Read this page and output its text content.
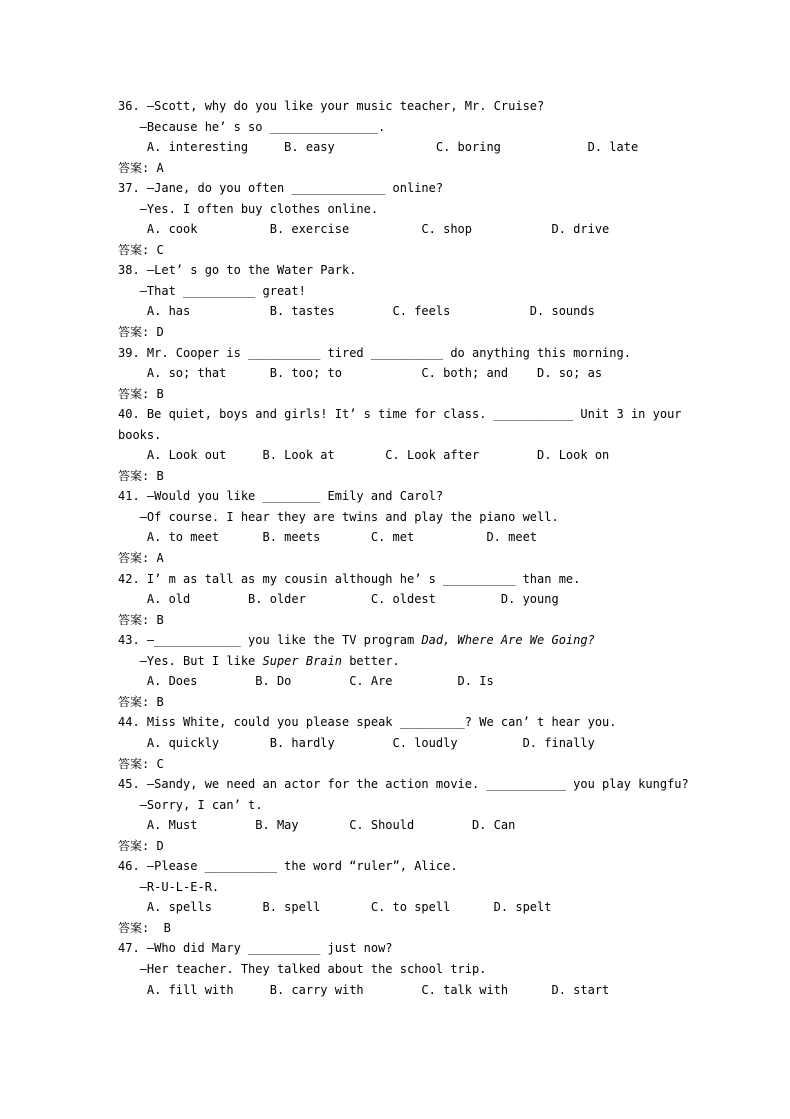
36. —Scott, why do you like your music teacher, Mr. Cruise?
—Because he’ s so _______________.
A. interesting     B. easy              C. boring            D. late
答案: A
37. —Jane, do you often _____________ online?
—Yes. I often buy clothes online.
A. cook          B. exercise          C. shop           D. drive
答案: C
38. —Let’ s go to the Water Park.
—That __________ great!
A. has           B. tastes        C. feels           D. sounds
答案: D
39. Mr. Cooper is __________ tired __________ do anything this morning.
A. so; that      B. too; to           C. both; and    D. so; as
答案: B
40. Be quiet, boys and girls! It’ s time for class. ___________ Unit 3 in your
books.
A. Look out     B. Look at       C. Look after        D. Look on
答案: B
41. —Would you like ________ Emily and Carol?
—Of course. I hear they are twins and play the piano well.
A. to meet      B. meets       C. met          D. meet
答案: A
42. I’ m as tall as my cousin although he’ s __________ than me.
A. old        B. older         C. oldest         D. young
答案: B
43. —____________ you like the TV program Dad, Where Are We Going?
—Yes. But I like Super Brain better.
A. Does        B. Do        C. Are         D. Is
答案: B
44. Miss White, could you please speak _________? We can’ t hear you.
A. quickly       B. hardly        C. loudly         D. finally
答案: C
45. —Sandy, we need an actor for the action movie. ___________ you play kungfu?
—Sorry, I can’ t.
A. Must        B. May       C. Should        D. Can
答案: D
46. —Please __________ the word “ruler”, Alice.
—R-U-L-E-R.
A. spells       B. spell       C. to spell      D. spelt
答案:  B
47. —Who did Mary __________ just now?
—Her teacher. They talked about the school trip.
A. fill with     B. carry with        C. talk with      D. start
